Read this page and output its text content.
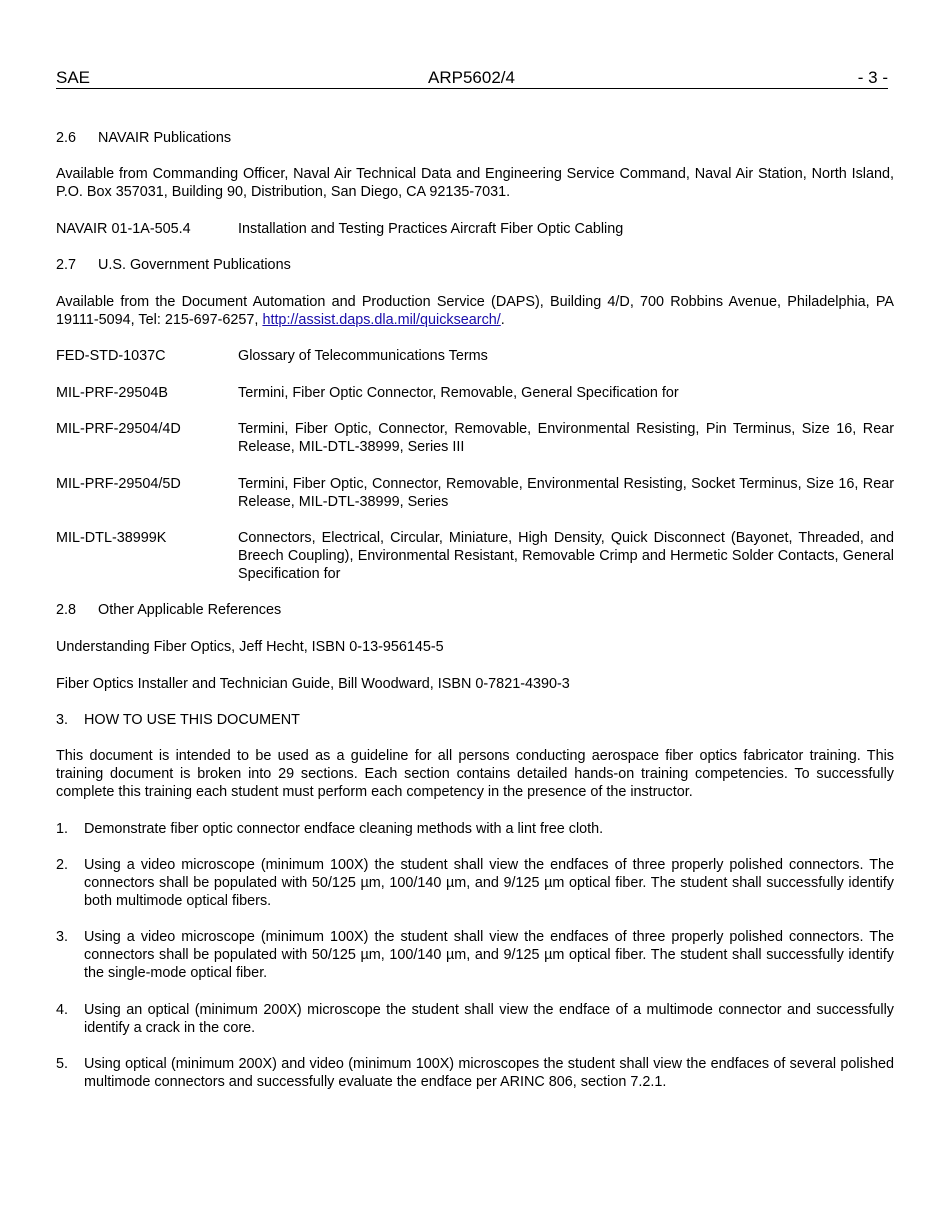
SAE	ARP5602/4	- 3 -
2.6 NAVAIR Publications

Available from Commanding Officer, Naval Air Technical Data and Engineering Service Command, Naval Air Station, North Island, P.O. Box 357031, Building 90, Distribution, San Diego, CA 92135-7031.

NAVAIR 01-1A-505.4	Installation and Testing Practices Aircraft Fiber Optic Cabling
2.7 U.S. Government Publications

Available from the Document Automation and Production Service (DAPS), Building 4/D, 700 Robbins Avenue, Philadelphia, PA 19111-5094, Tel: 215-697-6257, http://assist.daps.dla.mil/quicksearch/.

FED-STD-1037C	Glossary of Telecommunications Terms
MIL-PRF-29504B	Termini, Fiber Optic Connector, Removable, General Specification for
MIL-PRF-29504/4D	Termini, Fiber Optic, Connector, Removable, Environmental Resisting, Pin Terminus, Size 16, Rear Release, MIL-DTL-38999, Series III
MIL-PRF-29504/5D	Termini, Fiber Optic, Connector, Removable, Environmental Resisting, Socket Terminus, Size 16, Rear Release, MIL-DTL-38999, Series
MIL-DTL-38999K	Connectors, Electrical, Circular, Miniature, High Density, Quick Disconnect (Bayonet, Threaded, and Breech Coupling), Environmental Resistant, Removable Crimp and Hermetic Solder Contacts, General Specification for
2.8 Other Applicable References

Understanding Fiber Optics, Jeff Hecht, ISBN 0-13-956145-5

Fiber Optics Installer and Technician Guide, Bill Woodward, ISBN 0-7821-4390-3

3. HOW TO USE THIS DOCUMENT

This document is intended to be used as a guideline for all persons conducting aerospace fiber optics fabricator training. This training document is broken into 29 sections. Each section contains detailed hands-on training competencies. To successfully complete this training each student must perform each competency in the presence of the instructor.

1. Demonstrate fiber optic connector endface cleaning methods with a lint free cloth.
2. Using a video microscope (minimum 100X) the student shall view the endfaces of three properly polished connectors. The connectors shall be populated with 50/125 µm, 100/140 µm, and 9/125 µm optical fiber. The student shall successfully identify both multimode optical fibers.
3. Using a video microscope (minimum 100X) the student shall view the endfaces of three properly polished connectors. The connectors shall be populated with 50/125 µm, 100/140 µm, and 9/125 µm optical fiber. The student shall successfully identify the single-mode optical fiber.
4. Using an optical (minimum 200X) microscope the student shall view the endface of a multimode connector and successfully identify a crack in the core.
5. Using optical (minimum 200X) and video (minimum 100X) microscopes the student shall view the endfaces of several polished multimode connectors and successfully evaluate the endface per ARINC 806, section 7.2.1.
